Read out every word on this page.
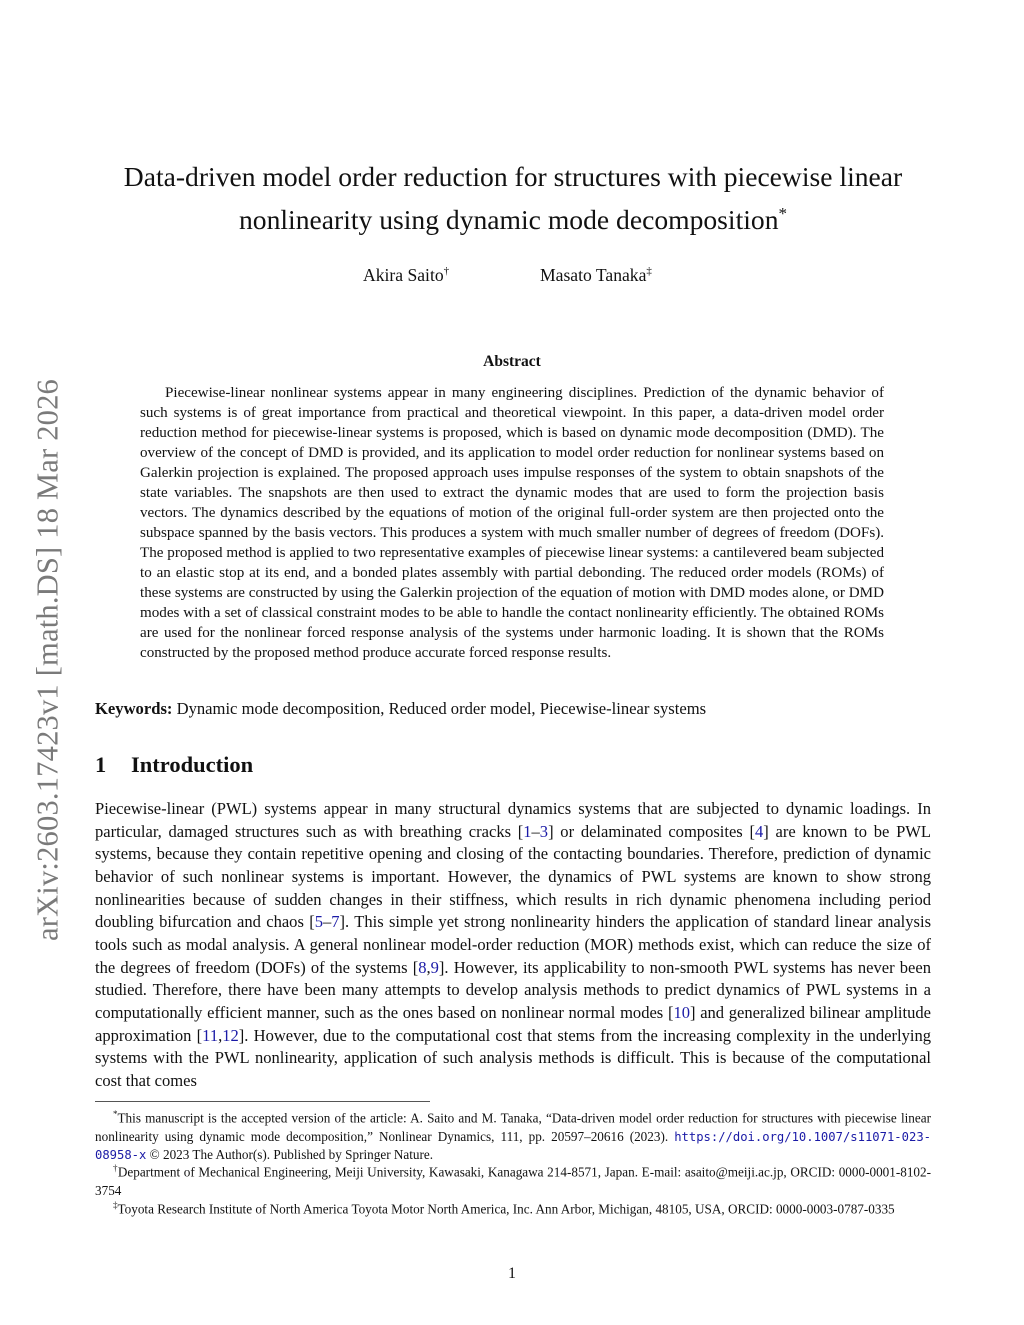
arXiv:2603.17423v1 [math.DS] 18 Mar 2026
Data-driven model order reduction for structures with piecewise linear
nonlinearity using dynamic mode decomposition*
Akira Saito†	Masato Tanaka‡
Abstract
Piecewise-linear nonlinear systems appear in many engineering disciplines. Prediction of the dynamic behavior of such systems is of great importance from practical and theoretical viewpoint. In this paper, a data-driven model order reduction method for piecewise-linear systems is proposed, which is based on dynamic mode decomposition (DMD). The overview of the concept of DMD is provided, and its application to model order reduction for nonlinear systems based on Galerkin projection is explained. The proposed approach uses impulse responses of the system to obtain snapshots of the state variables. The snapshots are then used to extract the dynamic modes that are used to form the projection basis vectors. The dynamics described by the equations of motion of the original full-order system are then projected onto the subspace spanned by the basis vectors. This produces a system with much smaller number of degrees of freedom (DOFs). The proposed method is applied to two representative examples of piecewise linear systems: a cantilevered beam subjected to an elastic stop at its end, and a bonded plates assembly with partial debonding. The reduced order models (ROMs) of these systems are constructed by using the Galerkin projection of the equation of motion with DMD modes alone, or DMD modes with a set of classical constraint modes to be able to handle the contact nonlinearity efficiently. The obtained ROMs are used for the nonlinear forced response analysis of the systems under harmonic loading. It is shown that the ROMs constructed by the proposed method produce accurate forced response results.
Keywords: Dynamic mode decomposition, Reduced order model, Piecewise-linear systems
1 Introduction
Piecewise-linear (PWL) systems appear in many structural dynamics systems that are subjected to dynamic loadings. In particular, damaged structures such as with breathing cracks [1–3] or delaminated composites [4] are known to be PWL systems, because they contain repetitive opening and closing of the contacting boundaries. Therefore, prediction of dynamic behavior of such nonlinear systems is important. However, the dynamics of PWL systems are known to show strong nonlinearities because of sudden changes in their stiffness, which results in rich dynamic phenomena including period doubling bifurcation and chaos [5–7]. This simple yet strong nonlinearity hinders the application of standard linear analysis tools such as modal analysis. A general nonlinear model-order reduction (MOR) methods exist, which can reduce the size of the degrees of freedom (DOFs) of the systems [8,9]. However, its applicability to non-smooth PWL systems has never been studied. Therefore, there have been many attempts to develop analysis methods to predict dynamics of PWL systems in a computationally efficient manner, such as the ones based on nonlinear normal modes [10] and generalized bilinear amplitude approximation [11,12]. However, due to the computational cost that stems from the increasing complexity in the underlying systems with the PWL nonlinearity, application of such analysis methods is difficult. This is because of the computational cost that comes
*This manuscript is the accepted version of the article: A. Saito and M. Tanaka, “Data-driven model order reduction for structures with piecewise linear nonlinearity using dynamic mode decomposition,” Nonlinear Dynamics, 111, pp. 20597–20616 (2023). https://doi.org/10.1007/s11071-023-08958-x © 2023 The Author(s). Published by Springer Nature.
†Department of Mechanical Engineering, Meiji University, Kawasaki, Kanagawa 214-8571, Japan. E-mail: asaito@meiji.ac.jp, ORCID: 0000-0001-8102-3754
‡Toyota Research Institute of North America Toyota Motor North America, Inc. Ann Arbor, Michigan, 48105, USA, ORCID: 0000-0003-0787-0335
1
